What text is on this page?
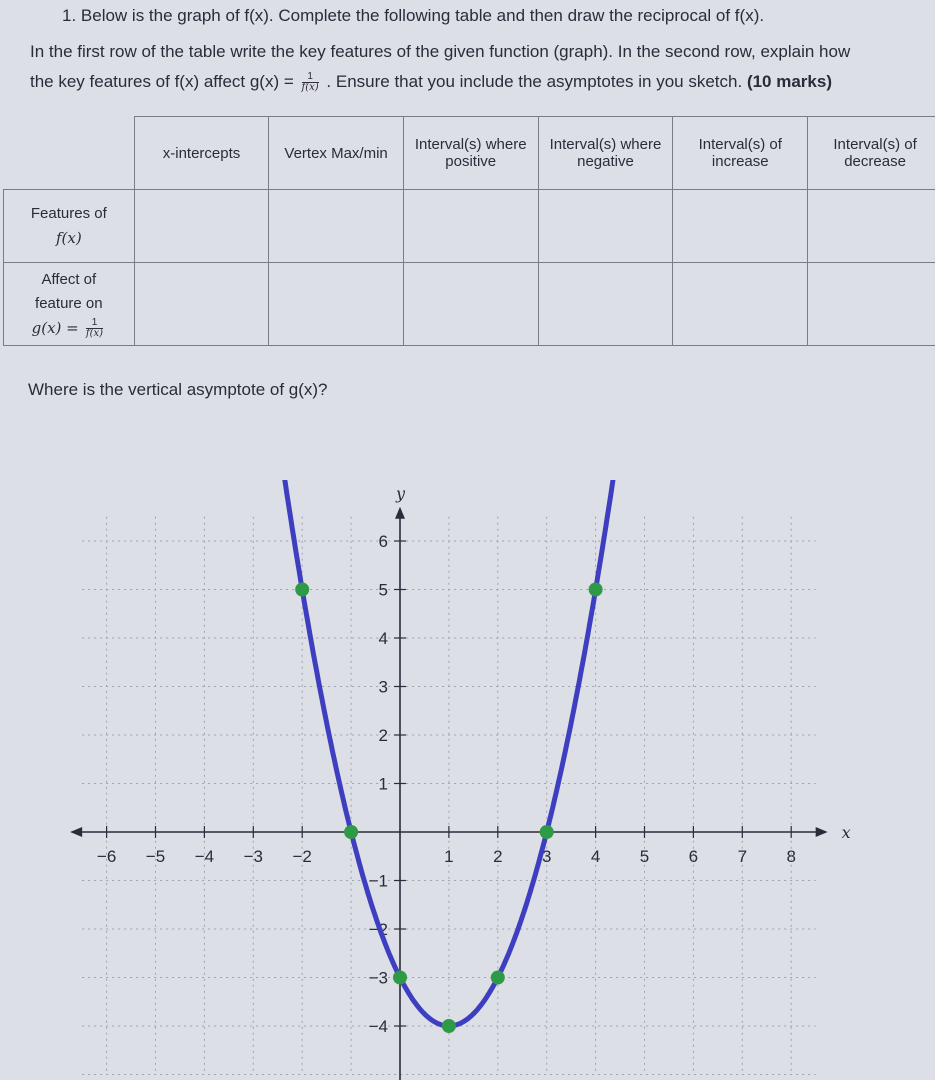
1. Below is the graph of f(x). Complete the following table and then draw the reciprocal of f(x).
In the first row of the table write the key features of the given function (graph). In the second row, explain how
the key features of f(x) affect $g(x) = \frac{1}{f(x)}$ . Ensure that you include the asymptotes in you sketch. (10 marks)
	x-intercepts	Vertex Max/min	Interval(s) where positive	Interval(s) where negative	Interval(s) of increase	Interval(s) of decrease

Features of
f(x)						

Affect of
feature on
$g(x) = \frac{1}{f(x)}$

Where is the vertical asymptote of g(x)?
x
y
−6 −5 −4 −3 −2	1 2 3 4 5 6 7 8
−4
−3
−2
−1
1
2
3
4
5
6
